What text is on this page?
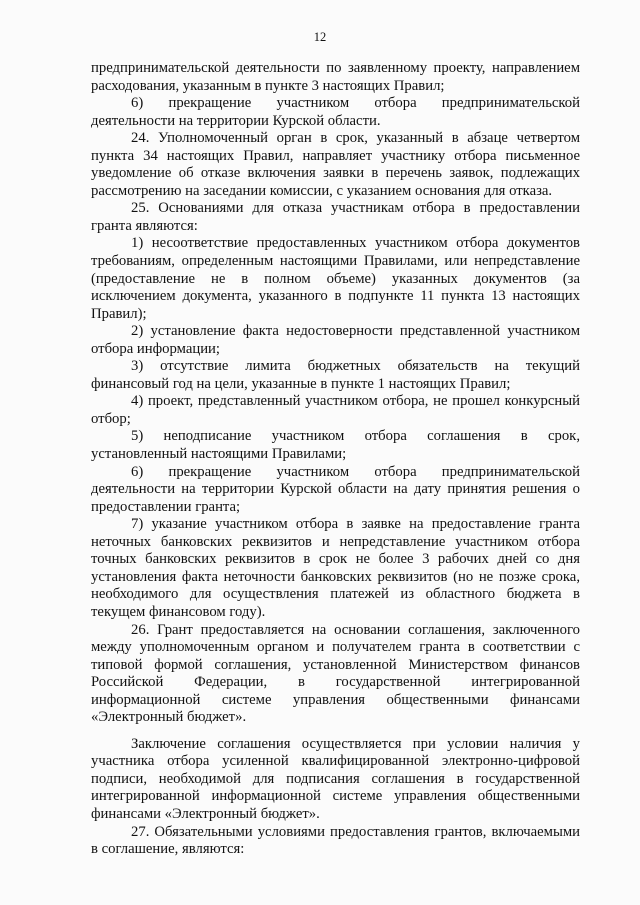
12

предпринимательской деятельности по заявленному проекту, направлением расходования, указанным в пункте 3 настоящих Правил;

6) прекращение участником отбора предпринимательской деятельности на территории Курской области.

24. Уполномоченный орган в срок, указанный в абзаце четвертом пункта 34 настоящих Правил, направляет участнику отбора письменное уведомление об отказе включения заявки в перечень заявок, подлежащих рассмотрению на заседании комиссии, с указанием основания для отказа.

25. Основаниями для отказа участникам отбора в предоставлении гранта являются:

1) несоответствие предоставленных участником отбора документов требованиям, определенным настоящими Правилами, или непредставление (предоставление не в полном объеме) указанных документов (за исключением документа, указанного в подпункте 11 пункта 13 настоящих Правил);

2) установление факта недостоверности представленной участником отбора информации;

3) отсутствие лимита бюджетных обязательств на текущий финансовый год на цели, указанные в пункте 1 настоящих Правил;

4) проект, представленный участником отбора, не прошел конкурсный отбор;

5) неподписание участником отбора соглашения в срок, установленный настоящими Правилами;

6) прекращение участником отбора предпринимательской деятельности на территории Курской области на дату принятия решения о предоставлении гранта;

7) указание участником отбора в заявке на предоставление гранта неточных банковских реквизитов и непредставление участником отбора точных банковских реквизитов в срок не более 3 рабочих дней со дня установления факта неточности банковских реквизитов (но не позже срока, необходимого для осуществления платежей из областного бюджета в текущем финансовом году).

26. Грант предоставляется на основании соглашения, заключенного между уполномоченным органом и получателем гранта в соответствии с типовой формой соглашения, установленной Министерством финансов Российской Федерации, в государственной интегрированной информационной системе управления общественными финансами «Электронный бюджет».

Заключение соглашения осуществляется при условии наличия у участника отбора усиленной квалифицированной электронно-цифровой подписи, необходимой для подписания соглашения в государственной интегрированной информационной системе управления общественными финансами «Электронный бюджет».

27. Обязательными условиями предоставления грантов, включаемыми в соглашение, являются:
